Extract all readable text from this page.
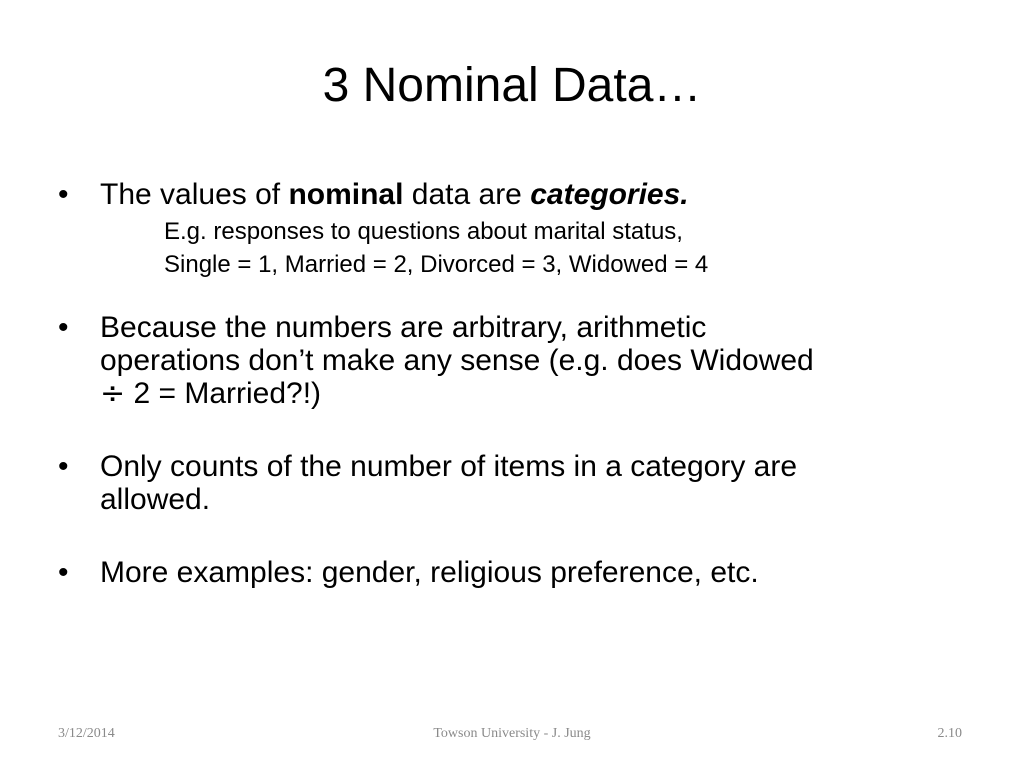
3 Nominal Data…
•	The values of nominal data are categories.
E.g. responses to questions about marital status,
Single = 1, Married = 2, Divorced = 3, Widowed = 4
•	Because the numbers are arbitrary, arithmetic
operations don’t make any sense (e.g. does Widowed
÷ 2 = Married?!)
•	Only counts of the number of items in a category are
allowed.
•	More examples: gender, religious preference, etc.
3/12/2014	Towson University - J. Jung	2.10
